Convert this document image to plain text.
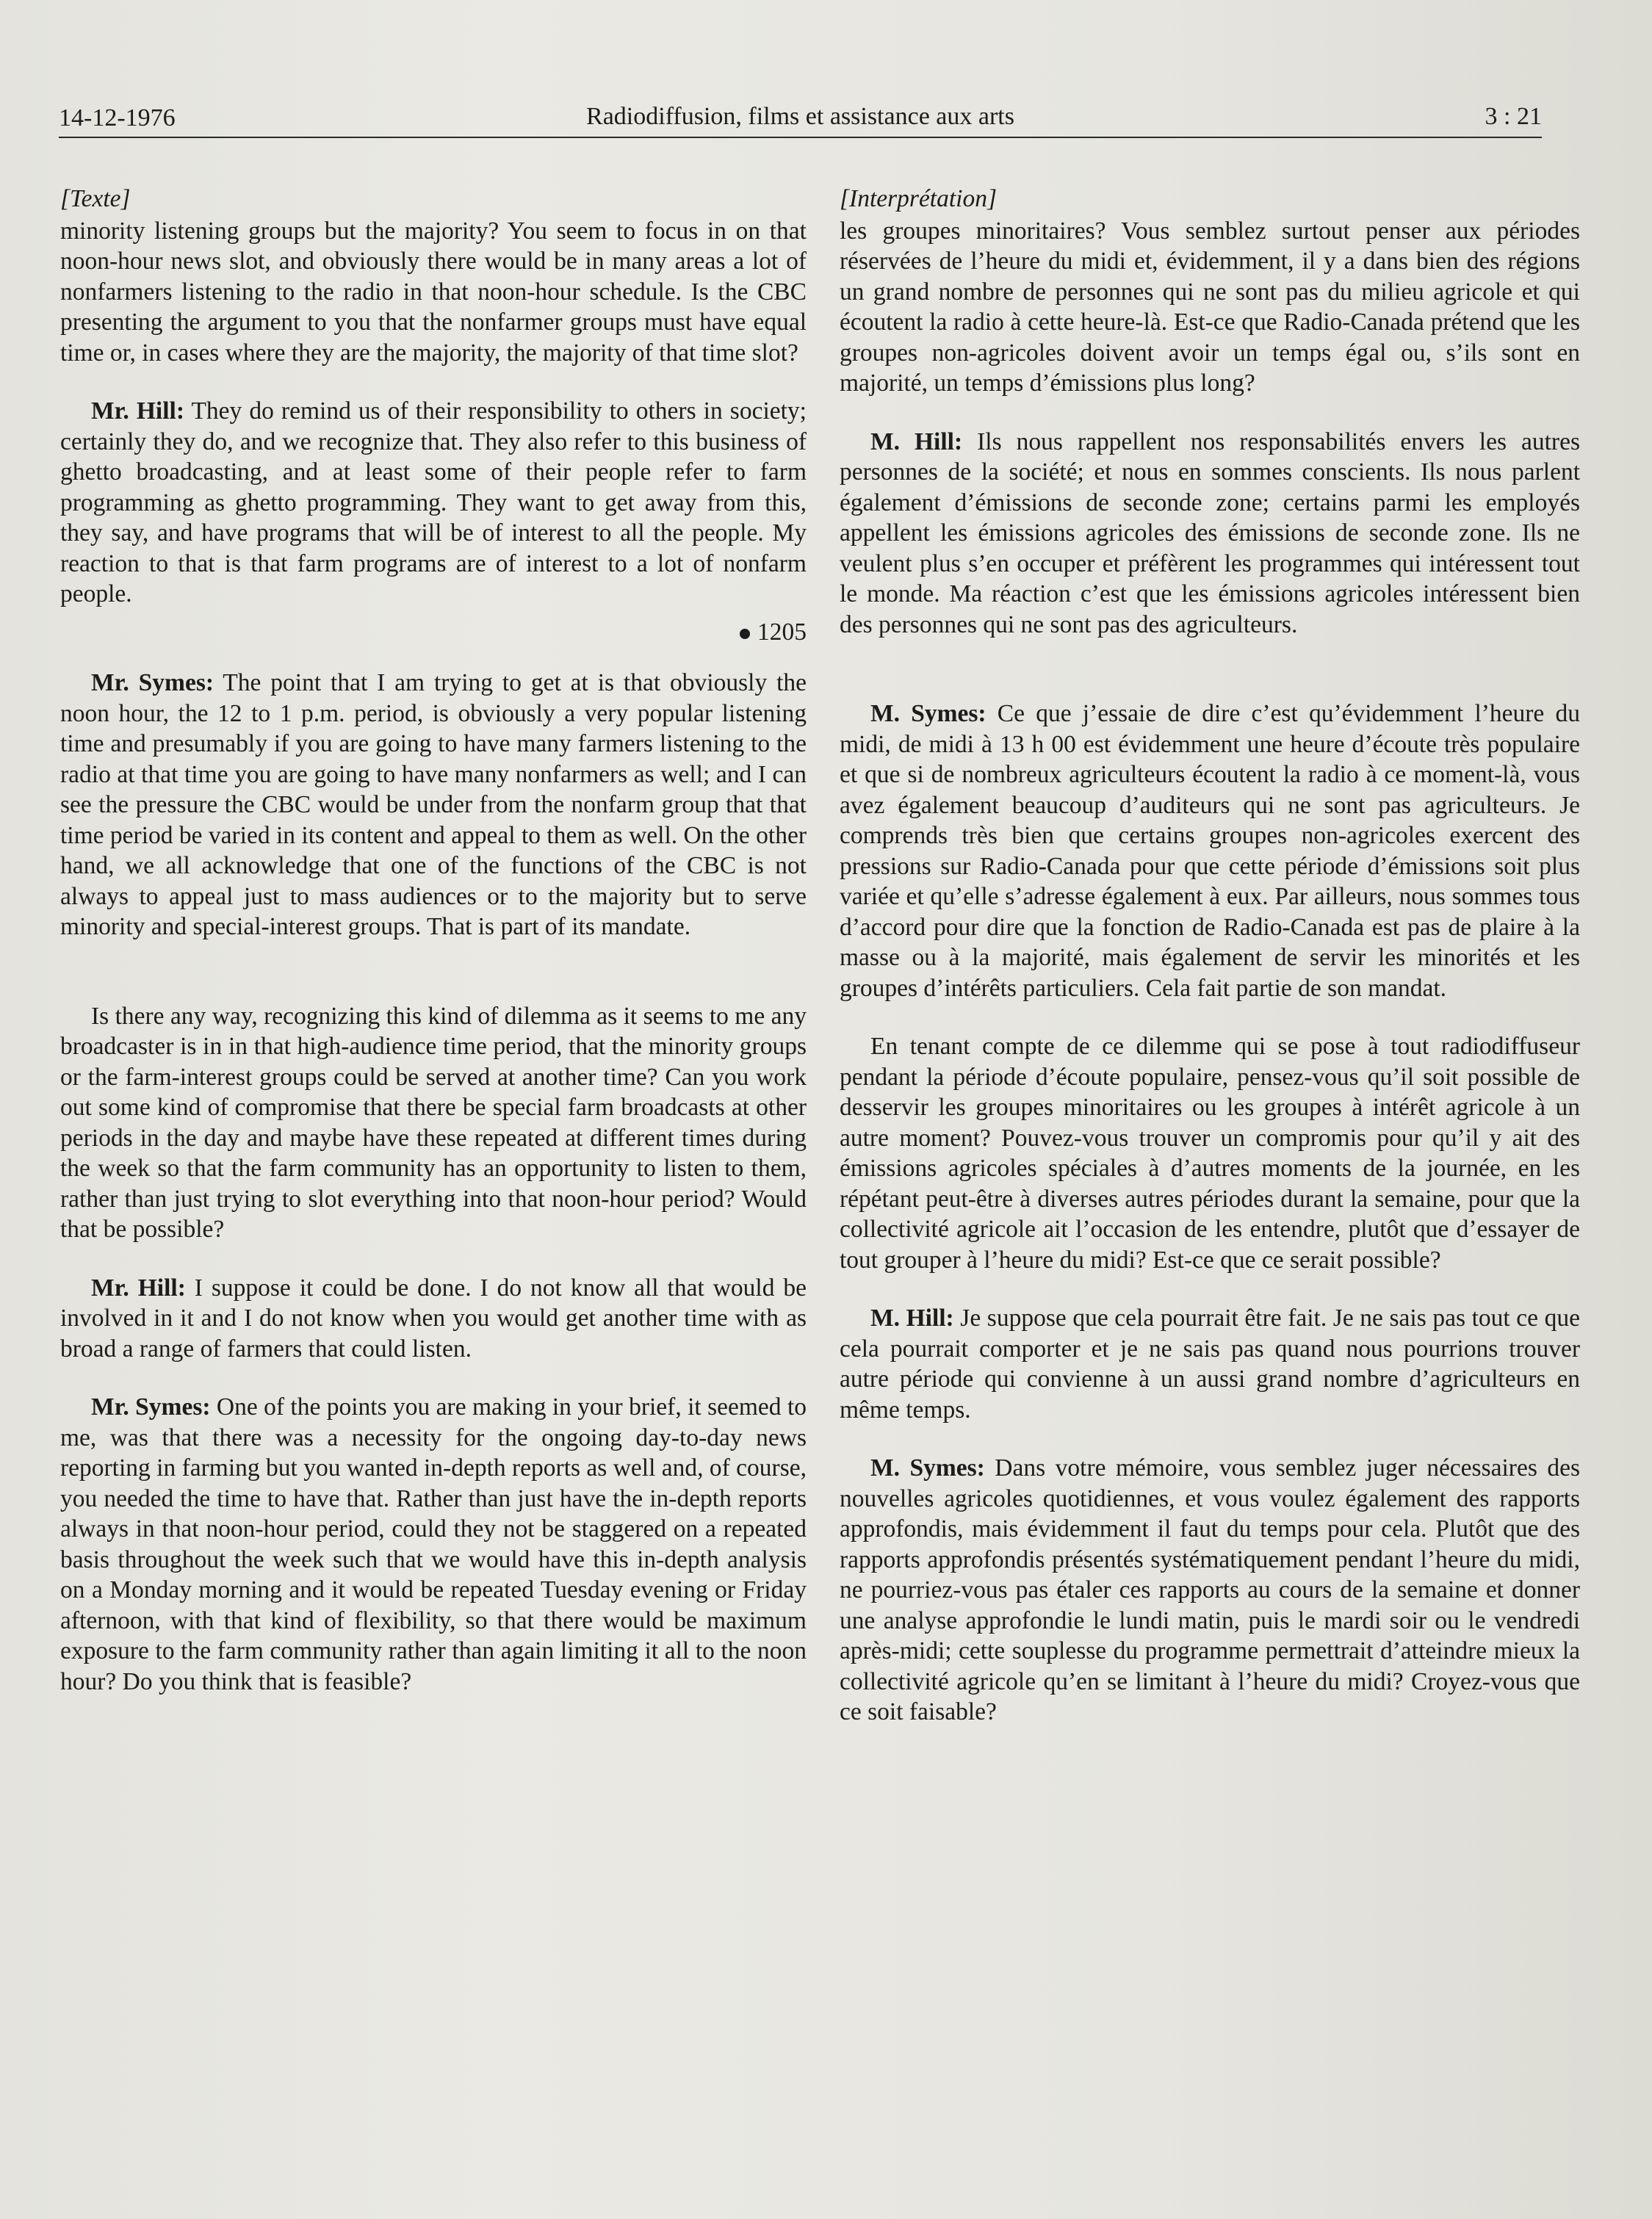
14-12-1976	Radiodiffusion, films et assistance aux arts	3 : 21
[Texte]

minority listening groups but the majority? You seem to focus in on that noon-hour news slot, and obviously there would be in many areas a lot of nonfarmers listening to the radio in that noon-hour schedule. Is the CBC presenting the argument to you that the nonfarmer groups must have equal time or, in cases where they are the majority, the majority of that time slot?

Mr. Hill: They do remind us of their responsibility to others in society; certainly they do, and we recognize that. They also refer to this business of ghetto broadcasting, and at least some of their people refer to farm programming as ghetto programming. They want to get away from this, they say, and have programs that will be of interest to all the people. My reaction to that is that farm programs are of interest to a lot of nonfarm people.

1205

Mr. Symes: The point that I am trying to get at is that obviously the noon hour, the 12 to 1 p.m. period, is obviously a very popular listening time and presumably if you are going to have many farmers listening to the radio at that time you are going to have many nonfarmers as well; and I can see the pressure the CBC would be under from the nonfarm group that that time period be varied in its content and appeal to them as well. On the other hand, we all acknowledge that one of the functions of the CBC is not always to appeal just to mass audiences or to the majority but to serve minority and special-interest groups. That is part of its mandate.

Is there any way, recognizing this kind of dilemma as it seems to me any broadcaster is in in that high-audience time period, that the minority groups or the farm-interest groups could be served at another time? Can you work out some kind of compromise that there be special farm broadcasts at other periods in the day and maybe have these repeated at different times during the week so that the farm community has an opportunity to listen to them, rather than just trying to slot everything into that noon-hour period? Would that be possible?

Mr. Hill: I suppose it could be done. I do not know all that would be involved in it and I do not know when you would get another time with as broad a range of farmers that could listen.

Mr. Symes: One of the points you are making in your brief, it seemed to me, was that there was a necessity for the ongoing day-to-day news reporting in farming but you wanted in-depth reports as well and, of course, you needed the time to have that. Rather than just have the in-depth reports always in that noon-hour period, could they not be staggered on a repeated basis throughout the week such that we would have this in-depth analysis on a Monday morning and it would be repeated Tuesday evening or Friday afternoon, with that kind of flexibility, so that there would be maximum exposure to the farm community rather than again limiting it all to the noon hour? Do you think that is feasible?

[Interprétation]

les groupes minoritaires? Vous semblez surtout penser aux périodes réservées de l’heure du midi et, évidemment, il y a dans bien des régions un grand nombre de personnes qui ne sont pas du milieu agricole et qui écoutent la radio à cette heure-là. Est-ce que Radio-Canada prétend que les groupes non-agricoles doivent avoir un temps égal ou, s’ils sont en majorité, un temps d’émissions plus long?

M. Hill: Ils nous rappellent nos responsabilités envers les autres personnes de la société; et nous en sommes conscients. Ils nous parlent également d’émissions de seconde zone; certains parmi les employés appellent les émissions agricoles des émissions de seconde zone. Ils ne veulent plus s’en occuper et préfèrent les programmes qui intéressent tout le monde. Ma réaction c’est que les émissions agricoles intéressent bien des personnes qui ne sont pas des agriculteurs.

M. Symes: Ce que j’essaie de dire c’est qu’évidemment l’heure du midi, de midi à 13 h 00 est évidemment une heure d’écoute très populaire et que si de nombreux agriculteurs écoutent la radio à ce moment-là, vous avez également beaucoup d’auditeurs qui ne sont pas agriculteurs. Je comprends très bien que certains groupes non-agricoles exercent des pressions sur Radio-Canada pour que cette période d’émissions soit plus variée et qu’elle s’adresse également à eux. Par ailleurs, nous sommes tous d’accord pour dire que la fonction de Radio-Canada est pas de plaire à la masse ou à la majorité, mais également de servir les minorités et les groupes d’intérêts particuliers. Cela fait partie de son mandat.

En tenant compte de ce dilemme qui se pose à tout radiodiffuseur pendant la période d’écoute populaire, pensez-vous qu’il soit possible de desservir les groupes minoritaires ou les groupes à intérêt agricole à un autre moment? Pouvez-vous trouver un compromis pour qu’il y ait des émissions agricoles spéciales à d’autres moments de la journée, en les répétant peut-être à diverses autres périodes durant la semaine, pour que la collectivité agricole ait l’occasion de les entendre, plutôt que d’essayer de tout grouper à l’heure du midi? Est-ce que ce serait possible?

M. Hill: Je suppose que cela pourrait être fait. Je ne sais pas tout ce que cela pourrait comporter et je ne sais pas quand nous pourrions trouver autre période qui convienne à un aussi grand nombre d’agriculteurs en même temps.

M. Symes: Dans votre mémoire, vous semblez juger nécessaires des nouvelles agricoles quotidiennes, et vous voulez également des rapports approfondis, mais évidemment il faut du temps pour cela. Plutôt que des rapports approfondis présentés systématiquement pendant l’heure du midi, ne pourriez-vous pas étaler ces rapports au cours de la semaine et donner une analyse approfondie le lundi matin, puis le mardi soir ou le vendredi après-midi; cette souplesse du programme permettrait d’atteindre mieux la collectivité agricole qu’en se limitant à l’heure du midi? Croyez-vous que ce soit faisable?
